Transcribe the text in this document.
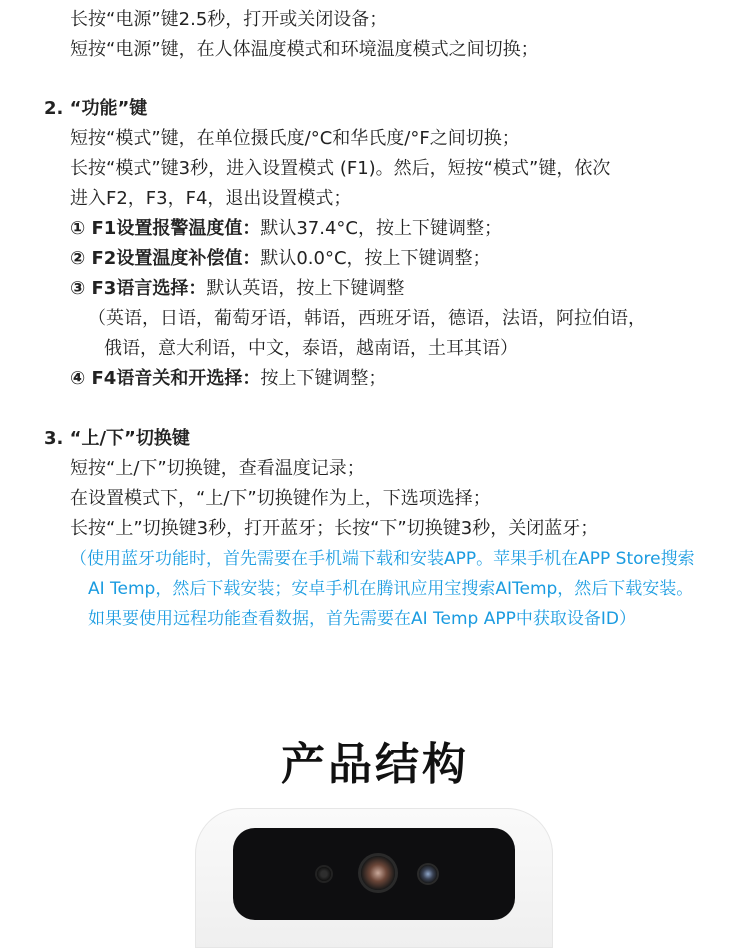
长按“电源”键2.5秒，打开或关闭设备；
短按“电源”键，在人体温度模式和环境温度模式之间切换；
2. “功能”键
短按“模式”键，在单位摄氏度/°C和华氏度/°F之间切换；
长按“模式”键3秒，进入设置模式 (F1)。然后，短按“模式”键，依次
进入F2，F3，F4，退出设置模式；
① F1设置报警温度值：默认37.4°C，按上下键调整；
② F2设置温度补偿值：默认0.0°C，按上下键调整；
③ F3语言选择：默认英语，按上下键调整
（英语，日语，葡萄牙语，韩语，西班牙语，德语，法语，阿拉伯语，
俄语，意大利语，中文，泰语，越南语，土耳其语）
④ F4语音关和开选择：按上下键调整；
3. “上/下”切换键
短按“上/下”切换键，查看温度记录；
在设置模式下，“上/下”切换键作为上，下选项选择；
长按“上”切换键3秒，打开蓝牙；长按“下”切换键3秒，关闭蓝牙；
（使用蓝牙功能时，首先需要在手机端下载和安装APP。苹果手机在APP Store搜索
AI Temp，然后下载安装；安卓手机在腾讯应用宝搜索AITemp，然后下载安装。
如果要使用远程功能查看数据，首先需要在AI Temp APP中获取设备ID）
产品结构
